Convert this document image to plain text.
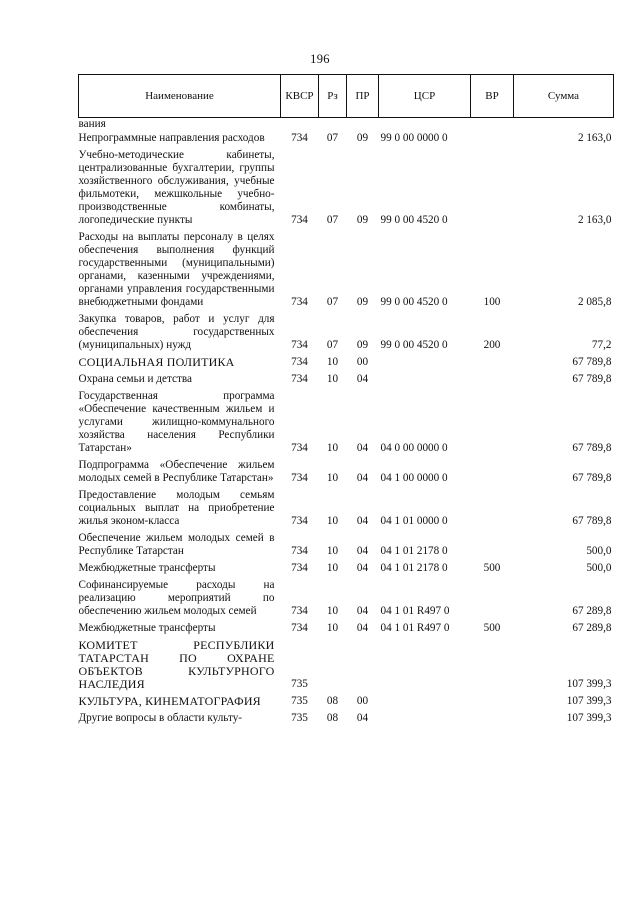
196
Наименование	КВСР	Рз	ПР	ЦСР	ВР	Сумма
вания						
Непрограммные направления расходов	734	07	09	99 0 00 0000 0		2 163,0
Учебно-методические кабинеты, централизованные бухгалтерии, группы хозяйственного обслуживания, учебные фильмотеки, межшкольные учебно-производственные комбинаты, логопедические пункты	734	07	09	99 0 00 4520 0		2 163,0
Расходы на выплаты персоналу в целях обеспечения выполнения функций государственными (муниципальными) органами, казенными учреждениями, органами управления государственными внебюджетными фондами	734	07	09	99 0 00 4520 0	100	2 085,8
Закупка товаров, работ и услуг для обеспечения государственных (муниципальных) нужд	734	07	09	99 0 00 4520 0	200	77,2
СОЦИАЛЬНАЯ ПОЛИТИКА	734	10	00			67 789,8
Охрана семьи и детства	734	10	04			67 789,8
Государственная программа «Обеспечение качественным жильем и услугами жилищно-коммунального хозяйства населения Республики Татарстан»	734	10	04	04 0 00 0000 0		67 789,8
Подпрограмма «Обеспечение жильем молодых семей в Республике Татарстан»	734	10	04	04 1 00 0000 0		67 789,8
Предоставление молодым семьям социальных выплат на приобретение жилья эконом-класса	734	10	04	04 1 01 0000 0		67 789,8
Обеспечение жильем молодых семей в Республике Татарстан	734	10	04	04 1 01 2178 0		500,0
Межбюджетные трансферты	734	10	04	04 1 01 2178 0	500	500,0
Софинансируемые расходы на реализацию мероприятий по обеспечению жильем молодых семей	734	10	04	04 1 01 R497 0		67 289,8
Межбюджетные трансферты	734	10	04	04 1 01 R497 0	500	67 289,8
КОМИТЕТ РЕСПУБЛИКИ ТАТАРСТАН ПО ОХРАНЕ ОБЪЕКТОВ КУЛЬТУРНОГО НАСЛЕДИЯ	735					107 399,3
КУЛЬТУРА, КИНЕМАТОГРАФИЯ	735	08	00			107 399,3
Другие вопросы в области культу-	735	08	04			107 399,3
